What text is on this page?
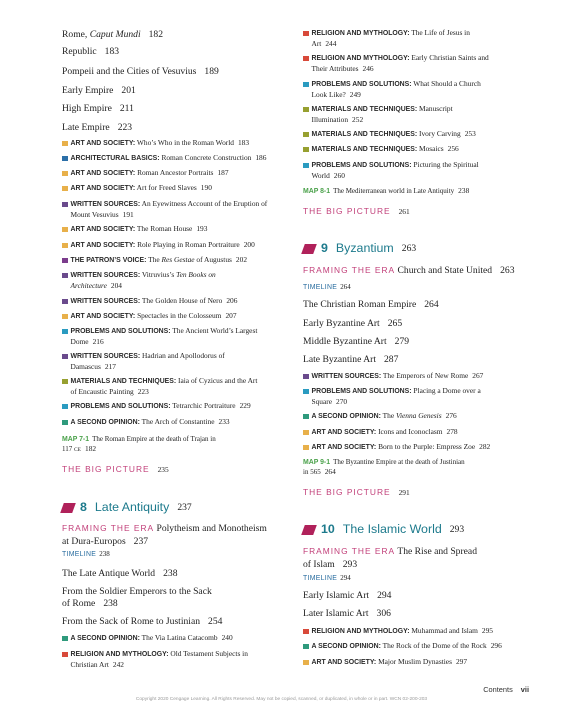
Rome, Caput Mundi 182
Republic 183
Pompeii and the Cities of Vesuvius 189
Early Empire 201
High Empire 211
Late Empire 223
ART AND SOCIETY: Who’s Who in the Roman World 183
ARCHITECTURAL BASICS: Roman Concrete Construction 186
ART AND SOCIETY: Roman Ancestor Portraits 187
ART AND SOCIETY: Art for Freed Slaves 190
WRITTEN SOURCES: An Eyewitness Account of the Eruption of
Mount Vesuvius 191
ART AND SOCIETY: The Roman House 193
ART AND SOCIETY: Role Playing in Roman Portraiture 200
THE PATRON’S VOICE: The Res Gestae of Augustus 202
WRITTEN SOURCES: Vitruvius’s Ten Books on
Architecture 204
WRITTEN SOURCES: The Golden House of Nero 206
ART AND SOCIETY: Spectacles in the Colosseum 207
PROBLEMS AND SOLUTIONS: The Ancient World’s Largest
Dome 216
WRITTEN SOURCES: Hadrian and Apollodorus of
Damascus 217
MATERIALS AND TECHNIQUES: Iaia of Cyzicus and the Art
of Encaustic Painting 223
PROBLEMS AND SOLUTIONS: Tetrarchic Portraiture 229
A SECOND OPINION: The Arch of Constantine 233
MAP 7-1 The Roman Empire at the death of Trajan in
117 CE 182
THE BIG PICTURE 235
8 Late Antiquity 237
FRAMING THE ERA Polytheism and Monotheism
at Dura-Europos 237
TIMELINE 238
The Late Antique World 238
From the Soldier Emperors to the Sack
of Rome 238
From the Sack of Rome to Justinian 254
A SECOND OPINION: The Via Latina Catacomb 240
RELIGION AND MYTHOLOGY: Old Testament Subjects in
Christian Art 242
RELIGION AND MYTHOLOGY: The Life of Jesus in
Art 244
RELIGION AND MYTHOLOGY: Early Christian Saints and
Their Attributes 246
PROBLEMS AND SOLUTIONS: What Should a Church
Look Like? 249
MATERIALS AND TECHNIQUES: Manuscript
Illumination 252
MATERIALS AND TECHNIQUES: Ivory Carving 253
MATERIALS AND TECHNIQUES: Mosaics 256
PROBLEMS AND SOLUTIONS: Picturing the Spiritual
World 260
MAP 8-1 The Mediterranean world in Late Antiquity 238
THE BIG PICTURE 261
9 Byzantium 263
FRAMING THE ERA Church and State United 263
TIMELINE 264
The Christian Roman Empire 264
Early Byzantine Art 265
Middle Byzantine Art 279
Late Byzantine Art 287
WRITTEN SOURCES: The Emperors of New Rome 267
PROBLEMS AND SOLUTIONS: Placing a Dome over a
Square 270
A SECOND OPINION: The Vienna Genesis 276
ART AND SOCIETY: Icons and Iconoclasm 278
ART AND SOCIETY: Born to the Purple: Empress Zoe 282
MAP 9-1 The Byzantine Empire at the death of Justinian
in 565 264
THE BIG PICTURE 291
10 The Islamic World 293
FRAMING THE ERA The Rise and Spread
of Islam 293
TIMELINE 294
Early Islamic Art 294
Later Islamic Art 306
RELIGION AND MYTHOLOGY: Muhammad and Islam 295
A SECOND OPINION: The Rock of the Dome of the Rock 296
ART AND SOCIETY: Major Muslim Dynasties 297
Contents vii
Copyright 2020 Cengage Learning. All Rights Reserved. May not be copied, scanned, or duplicated, in whole or in part. WCN 02-200-203
